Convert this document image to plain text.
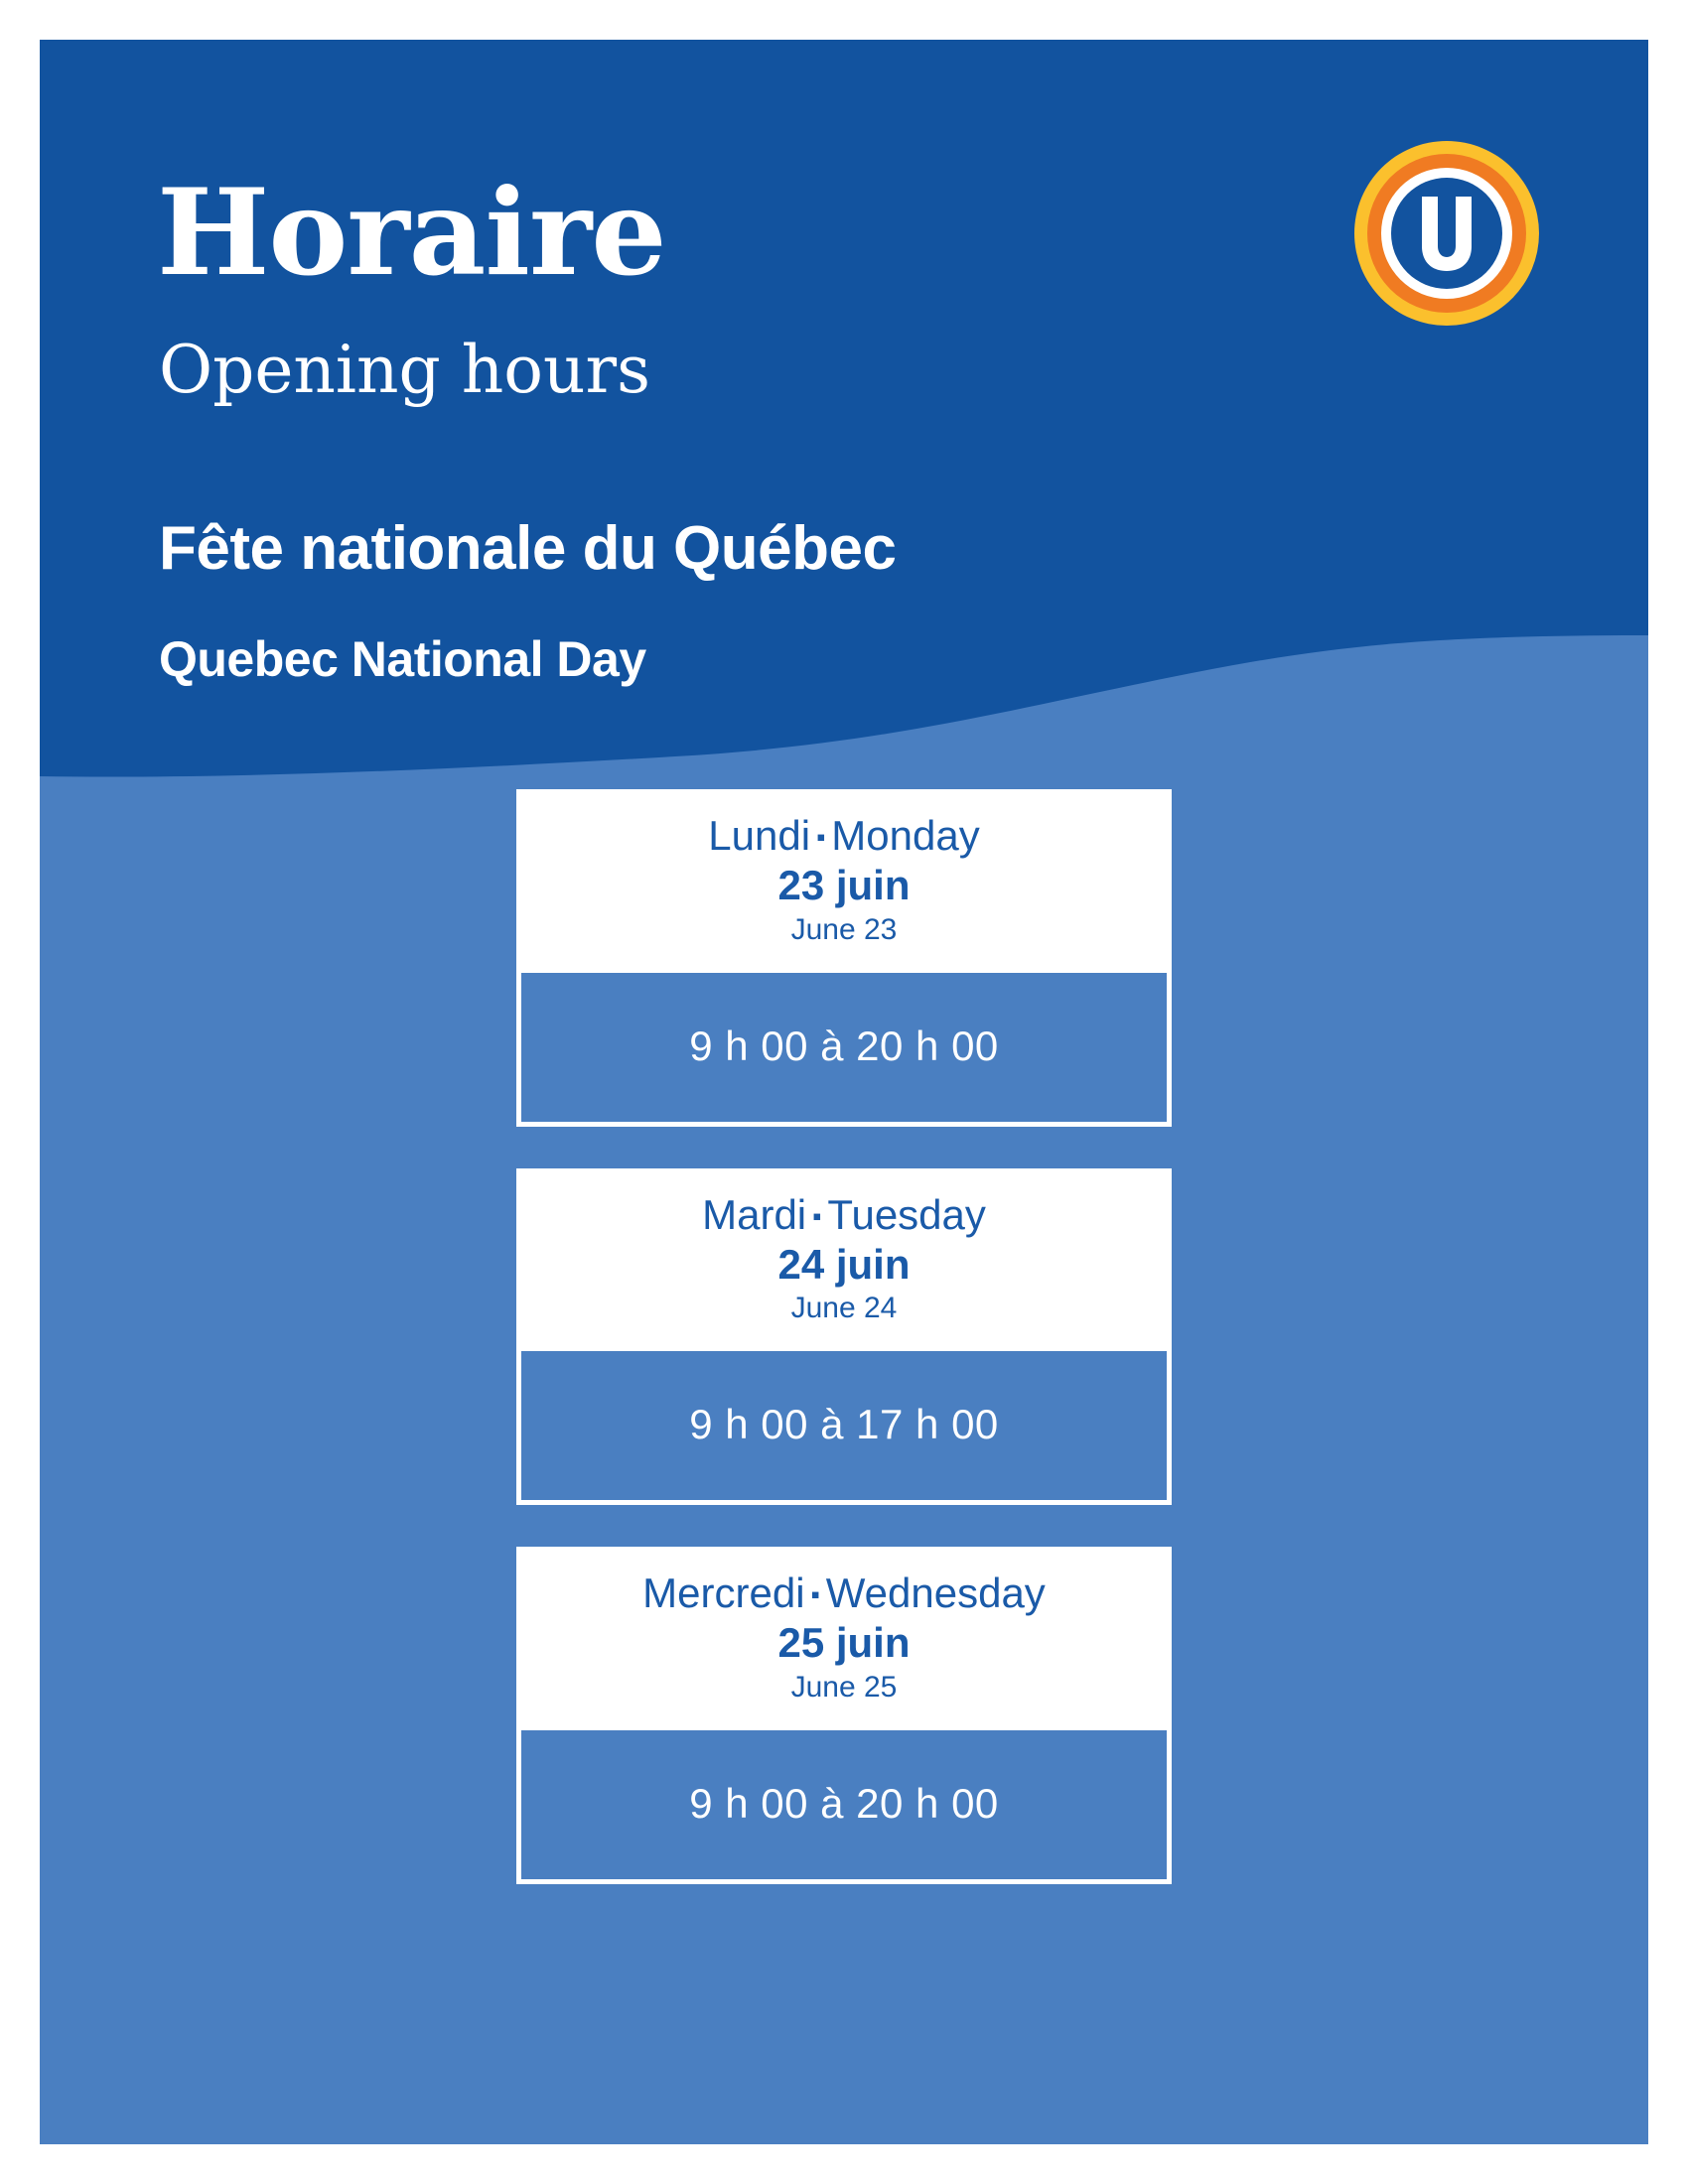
Horaire
Opening hours
Fête nationale du Québec
Quebec National Day
Lundi ▪ Monday
23 juin
June 23
9 h 00 à 20 h 00
Mardi ▪ Tuesday
24 juin
June 24
9 h 00 à 17 h 00
Mercredi ▪ Wednesday
25 juin
June 25
9 h 00 à 20 h 00
